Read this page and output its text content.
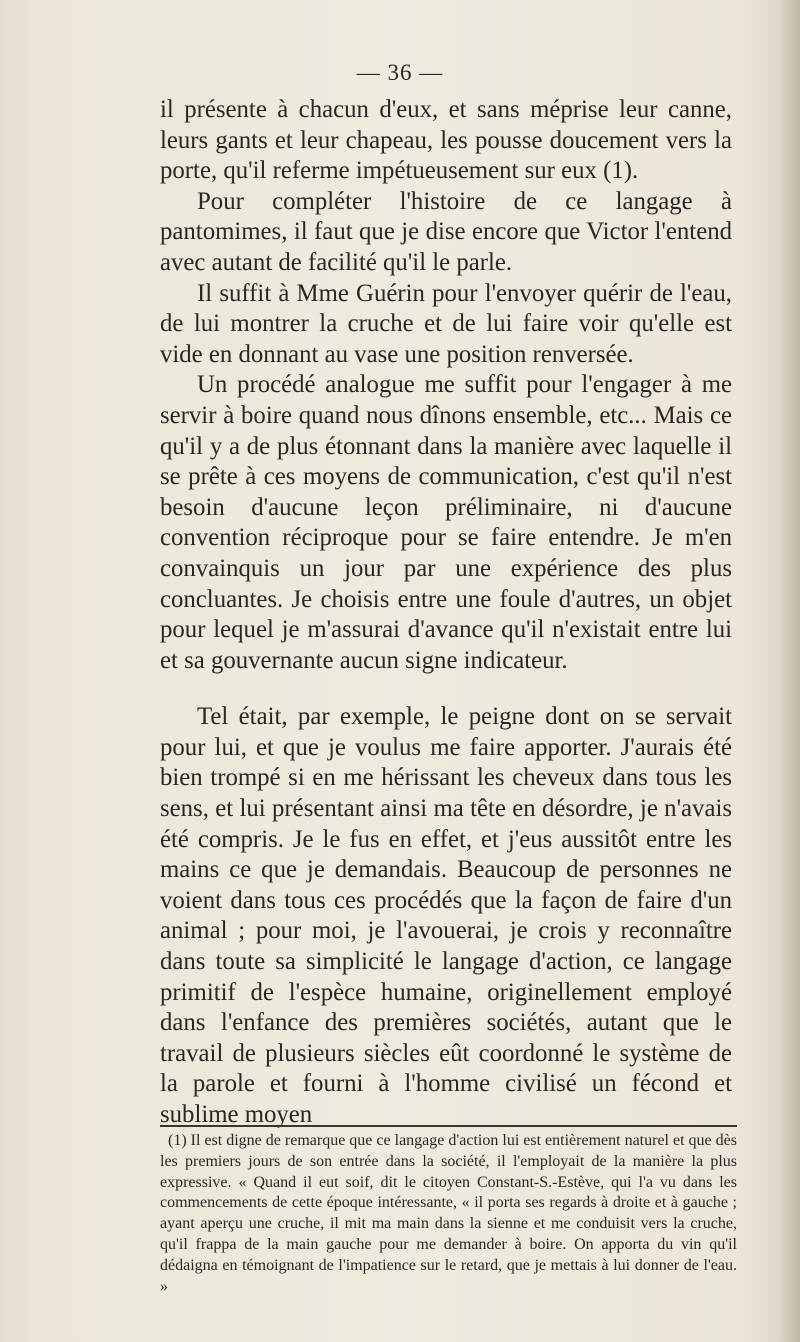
— 36 —

il présente à chacun d'eux, et sans méprise leur canne, leurs gants et leur chapeau, les pousse doucement vers la porte, qu'il referme impétueusement sur eux (1).

Pour compléter l'histoire de ce langage à pantomimes, il faut que je dise encore que Victor l'entend avec autant de facilité qu'il le parle.

Il suffit à Mme Guérin pour l'envoyer quérir de l'eau, de lui montrer la cruche et de lui faire voir qu'elle est vide en donnant au vase une position renversée.

Un procédé analogue me suffit pour l'engager à me servir à boire quand nous dînons ensemble, etc... Mais ce qu'il y a de plus étonnant dans la manière avec laquelle il se prête à ces moyens de communication, c'est qu'il n'est besoin d'aucune leçon préliminaire, ni d'aucune convention réciproque pour se faire entendre. Je m'en convainquis un jour par une expérience des plus concluantes. Je choisis entre une foule d'autres, un objet pour lequel je m'assurai d'avance qu'il n'existait entre lui et sa gouvernante aucun signe indicateur.

Tel était, par exemple, le peigne dont on se servait pour lui, et que je voulus me faire apporter. J'aurais été bien trompé si en me hérissant les cheveux dans tous les sens, et lui présentant ainsi ma tête en désordre, je n'avais été compris. Je le fus en effet, et j'eus aussitôt entre les mains ce que je demandais. Beaucoup de personnes ne voient dans tous ces procédés que la façon de faire d'un animal ; pour moi, je l'avouerai, je crois y reconnaître dans toute sa simplicité le langage d'action, ce langage primitif de l'espèce humaine, originellement employé dans l'enfance des premières sociétés, autant que le travail de plusieurs siècles eût coordonné le système de la parole et fourni à l'homme civilisé un fécond et sublime moyen

(1) Il est digne de remarque que ce langage d'action lui est entièrement naturel et que dès les premiers jours de son entrée dans la société, il l'employait de la manière la plus expressive. « Quand il eut soif, dit le citoyen Constant-S.-Estève, qui l'a vu dans les commencements de cette époque intéressante, « il porta ses regards à droite et à gauche ; ayant aperçu une cruche, il mit ma main dans la sienne et me conduisit vers la cruche, qu'il frappa de la main gauche pour me demander à boire. On apporta du vin qu'il dédaigna en témoignant de l'impatience sur le retard, que je mettais à lui donner de l'eau. »
